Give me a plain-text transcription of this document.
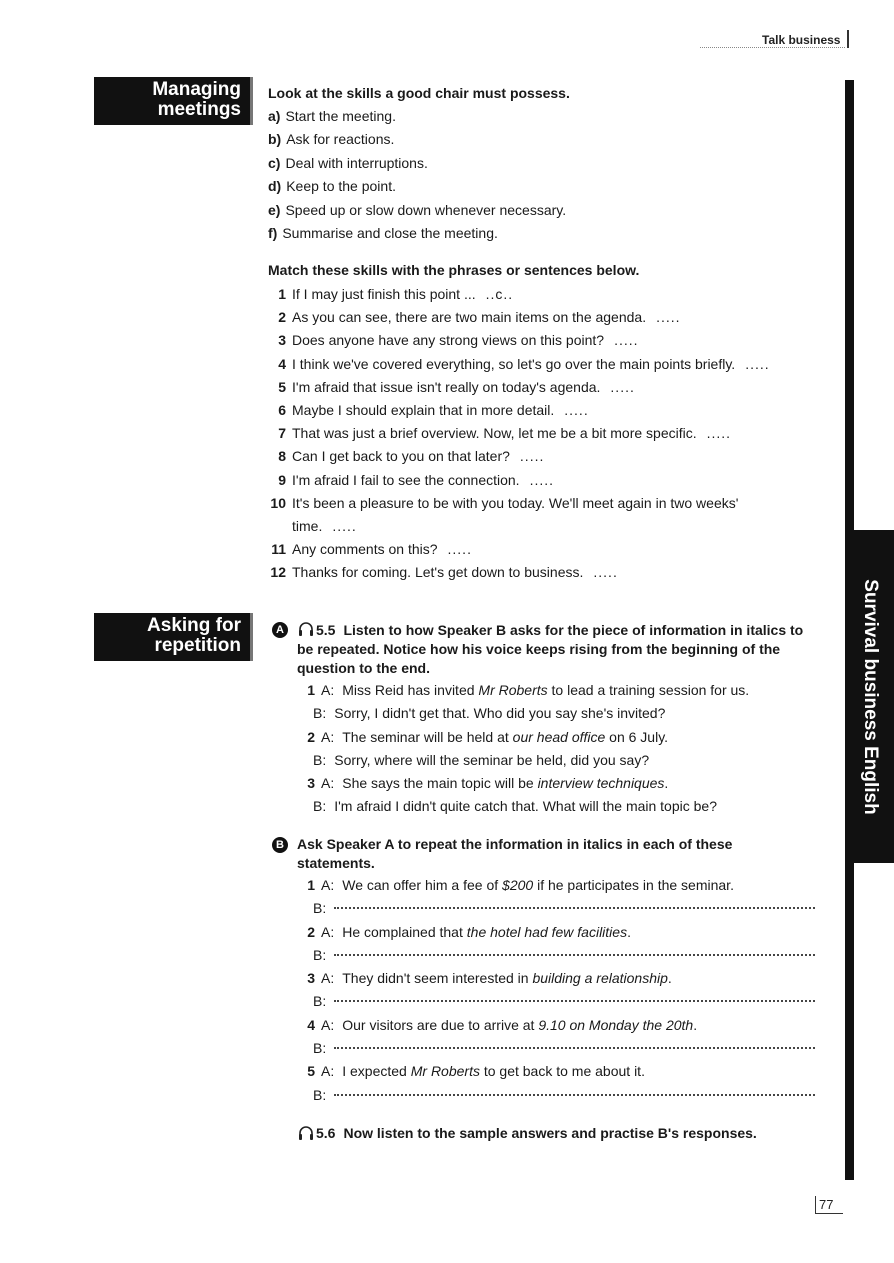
Talk business
Survival business English
Managing
meetings
Look at the skills a good chair must possess.
a) Start the meeting.
b) Ask for reactions.
c) Deal with interruptions.
d) Keep to the point.
e) Speed up or slow down whenever necessary.
f) Summarise and close the meeting.
Match these skills with the phrases or sentences below.
1 If I may just finish this point ... ..c..
2 As you can see, there are two main items on the agenda. .....
3 Does anyone have any strong views on this point? .....
4 I think we've covered everything, so let's go over the main points briefly. .....
5 I'm afraid that issue isn't really on today's agenda. .....
6 Maybe I should explain that in more detail. .....
7 That was just a brief overview. Now, let me be a bit more specific. .....
8 Can I get back to you on that later? .....
9 I'm afraid I fail to see the connection. .....
10 It's been a pleasure to be with you today. We'll meet again in two weeks'
time. .....
11 Any comments on this? .....
12 Thanks for coming. Let's get down to business. .....
Asking for
repetition
A	5.5 Listen to how Speaker B asks for the piece of information in italics to
be repeated. Notice how his voice keeps rising from the beginning of the
question to the end.
1 A: Miss Reid has invited Mr Roberts to lead a training session for us.
B: Sorry, I didn't get that. Who did you say she's invited?
2 A: The seminar will be held at our head office on 6 July.
B: Sorry, where will the seminar be held, did you say?
3 A: She says the main topic will be interview techniques.
B: I'm afraid I didn't quite catch that. What will the main topic be?
B Ask Speaker A to repeat the information in italics in each of these
statements.
1 A: We can offer him a fee of $200 if he participates in the seminar.
B:
2 A: He complained that the hotel had few facilities.
B:
3 A: They didn't seem interested in building a relationship.
B:
4 A: Our visitors are due to arrive at 9.10 on Monday the 20th.
B:
5 A: I expected Mr Roberts to get back to me about it.
B:
5.6 Now listen to the sample answers and practise B's responses.
77
